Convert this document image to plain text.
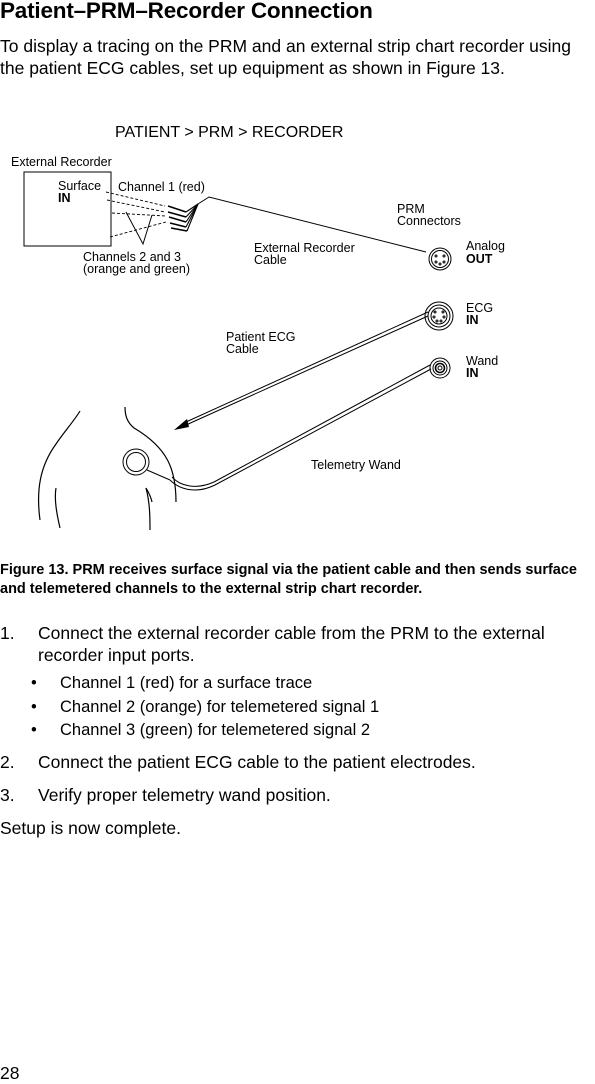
Patient–PRM–Recorder Connection
To display a tracing on the PRM and an external strip chart recorder using the patient ECG cables, set up equipment as shown in Figure 13.
PATIENT > PRM > RECORDER
External Recorder
Surface
IN
Channel 1 (red)
Channels 2 and 3
(orange and green)
External Recorder
Cable
PRM
Connectors
Analog
OUT
ECG
IN
Wand
IN
Patient ECG
Cable
Telemetry Wand
Figure 13. PRM receives surface signal via the patient cable and then sends surface and telemetered channels to the external strip chart recorder.
1. Connect the external recorder cable from the PRM to the external recorder input ports.
• Channel 1 (red) for a surface trace
• Channel 2 (orange) for telemetered signal 1
• Channel 3 (green) for telemetered signal 2
2. Connect the patient ECG cable to the patient electrodes.
3. Verify proper telemetry wand position.
Setup is now complete.
28
